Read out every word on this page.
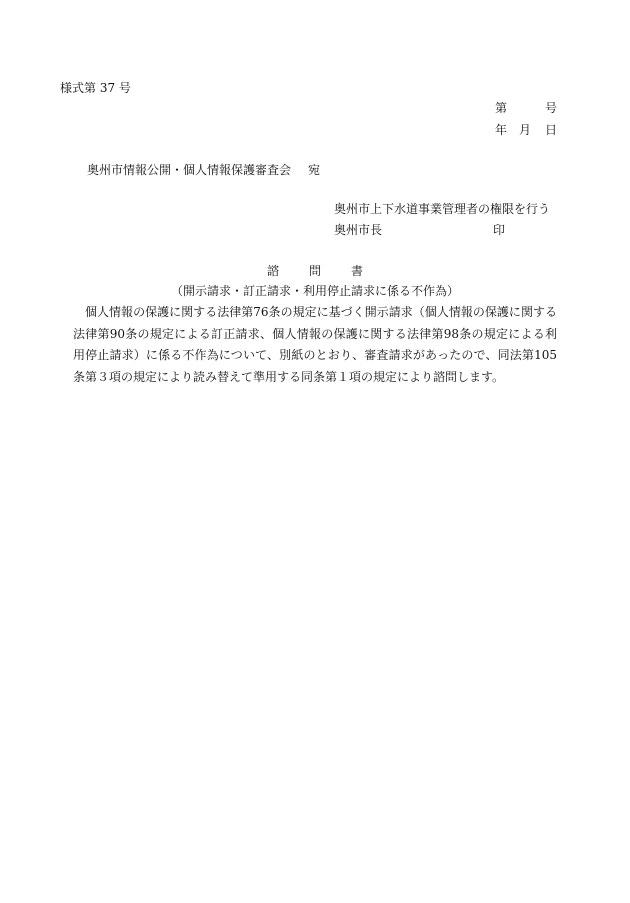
様式第 37 号
第	号
年 月 日
奥州市情報公開・個人情報保護審査会 宛
奥州市上下水道事業管理者の権限を行う
奥州市長	印
諮	問	書
（開示請求・訂正請求・利用停止請求に係る不作為）
個人情報の保護に関する法律第76条の規定に基づく開示請求（個人情報の保護に関する法律第90条の規定による訂正請求、個人情報の保護に関する法律第98条の規定による利用停止請求）に係る不作為について、別紙のとおり、審査請求があったので、同法第105条第３項の規定により読み替えて準用する同条第１項の規定により諮問します。
